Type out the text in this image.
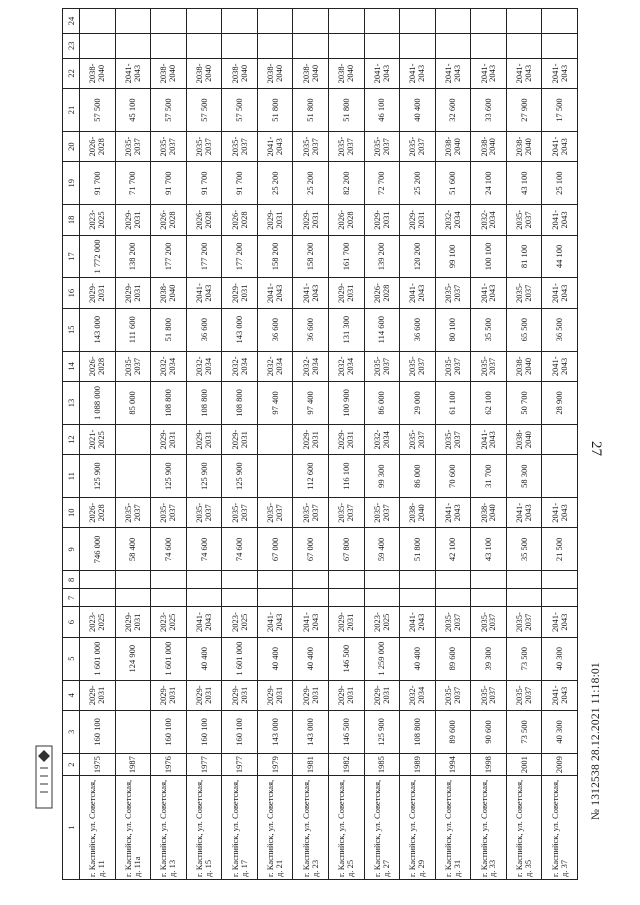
27
№ 1312538 28.12.2021 11:18:01
1	2	3	4	5	6	7	8	9	10	11	12	13	14	15	16	17	18	19	20	21	22	23	24
г. Каспийск, ул. Советская, д. 11	1975	160 100	2029-2031	1 601 000	2023-2025			746 000	2026-2028	125 900	2021-2025	1 088 000	2026-2028	143 000	2029-2031	1 772 000	2023-2025	91 700	2026-2028	57 500	2038-2040		
г. Каспийск, ул. Советская, д. 11а	1987			124 900	2029-2031			58 400	2035-2037			85 000	2035-2037	111 600	2029-2031	138 200	2029-2031	71 700	2035-2037	45 100	2041-2043		
г. Каспийск, ул. Советская, д. 13	1976	160 100	2029-2031	1 601 000	2023-2025			74 600	2035-2037	125 900	2029-2031	108 800	2032-2034	51 800	2038-2040	177 200	2026-2028	91 700	2035-2037	57 500	2038-2040		
г. Каспийск, ул. Советская, д. 15	1977	160 100	2029-2031	40 400	2041-2043			74 600	2035-2037	125 900	2029-2031	108 800	2032-2034	36 600	2041-2043	177 200	2026-2028	91 700	2035-2037	57 500	2038-2040		
г. Каспийск, ул. Советская, д. 17	1977	160 100	2029-2031	1 601 000	2023-2025			74 600	2035-2037	125 900	2029-2031	108 800	2032-2034	143 000	2029-2031	177 200	2026-2028	91 700	2035-2037	57 500	2038-2040		
г. Каспийск, ул. Советская, д. 21	1979	143 000	2029-2031	40 400	2041-2043			67 000	2035-2037			97 400	2032-2034	36 600	2041-2043	158 200	2029-2031	25 200	2041-2043	51 800	2038-2040		
г. Каспийск, ул. Советская, д. 23	1981	143 000	2029-2031	40 400	2041-2043			67 000	2035-2037	112 600	2029-2031	97 400	2032-2034	36 600	2041-2043	158 200	2029-2031	25 200	2035-2037	51 800	2038-2040		
г. Каспийск, ул. Советская, д. 25	1982	146 500	2029-2031	146 500	2029-2031			67 800	2035-2037	116 100	2029-2031	100 900	2032-2034	131 300	2029-2031	161 700	2026-2028	82 200	2035-2037	51 800	2038-2040		
г. Каспийск, ул. Советская, д. 27	1985	125 900	2029-2031	1 259 000	2023-2025			59 400	2035-2037	99 300	2032-2034	86 000	2035-2037	114 600	2026-2028	139 200	2029-2031	72 700	2035-2037	46 100	2041-2043		
г. Каспийск, ул. Советская, д. 29	1989	108 800	2032-2034	40 400	2041-2043			51 800	2038-2040	86 000	2035-2037	29 000	2035-2037	36 600	2041-2043	120 200	2029-2031	25 200	2035-2037	40 400	2041-2043		
г. Каспийск, ул. Советская, д. 31	1994	89 600	2035-2037	89 600	2035-2037			42 100	2041-2043	70 600	2035-2037	61 100	2035-2037	80 100	2035-2037	99 100	2032-2034	51 600	2038-2040	32 600	2041-2043		
г. Каспийск, ул. Советская, д. 33	1998	90 600	2035-2037	39 300	2035-2037			43 100	2038-2040	31 700	2041-2043	62 100	2035-2037	35 500	2041-2043	100 100	2032-2034	24 100	2038-2040	33 600	2041-2043		
г. Каспийск, ул. Советская, д. 35	2001	73 500	2035-2037	73 500	2035-2037			35 500	2041-2043	58 300	2038-2040	50 700	2038-2040	65 500	2035-2037	81 100	2035-2037	43 100	2038-2040	27 900	2041-2043		
г. Каспийск, ул. Советская, д. 37	2009	40 300	2041-2043	40 300	2041-2043			21 500	2041-2043			28 900	2041-2043	36 500	2041-2043	44 100	2041-2043	25 100	2041-2043	17 500	2041-2043		
